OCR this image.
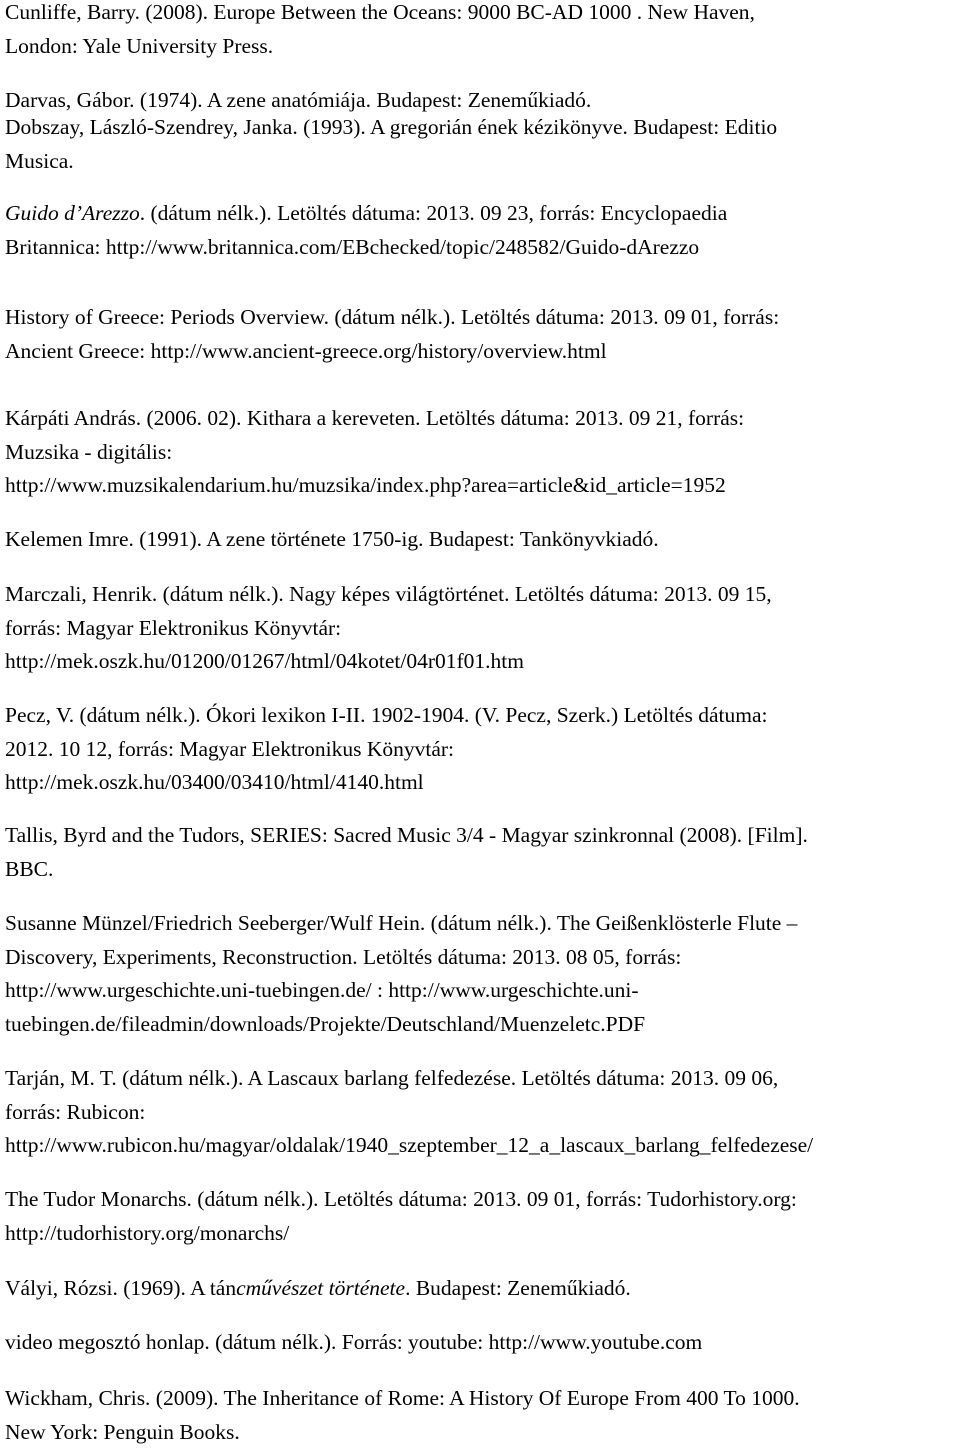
Cunliffe, Barry. (2008). Europe Between the Oceans: 9000 BC-AD 1000 . New Haven,
London: Yale University Press.
Darvas, Gábor. (1974). A zene anatómiája. Budapest: Zeneműkiadó.
Dobszay, László-Szendrey, Janka. (1993). A gregorián ének kézikönyve. Budapest: Editio
Musica.
Guido d’Arezzo. (dátum nélk.). Letöltés dátuma: 2013. 09 23, forrás: Encyclopaedia
Britannica: http://www.britannica.com/EBchecked/topic/248582/Guido-dArezzo
History of Greece: Periods Overview. (dátum nélk.). Letöltés dátuma: 2013. 09 01, forrás:
Ancient Greece: http://www.ancient-greece.org/history/overview.html
Kárpáti András. (2006. 02). Kithara a kereveten. Letöltés dátuma: 2013. 09 21, forrás:
Muzsika - digitális:
http://www.muzsikalendarium.hu/muzsika/index.php?area=article&id_article=1952
Kelemen Imre. (1991). A zene története 1750-ig. Budapest: Tankönyvkiadó.
Marczali, Henrik. (dátum nélk.). Nagy képes világtörténet. Letöltés dátuma: 2013. 09 15,
forrás: Magyar Elektronikus Könyvtár:
http://mek.oszk.hu/01200/01267/html/04kotet/04r01f01.htm
Pecz, V. (dátum nélk.). Ókori lexikon I-II. 1902-1904. (V. Pecz, Szerk.) Letöltés dátuma:
2012. 10 12, forrás: Magyar Elektronikus Könyvtár:
http://mek.oszk.hu/03400/03410/html/4140.html
Tallis, Byrd and the Tudors, SERIES: Sacred Music 3/4 - Magyar szinkronnal (2008). [Film].
BBC.
Susanne Münzel/Friedrich Seeberger/Wulf Hein. (dátum nélk.). The Geißenklösterle Flute –
Discovery, Experiments, Reconstruction. Letöltés dátuma: 2013. 08 05, forrás:
http://www.urgeschichte.uni-tuebingen.de/ : http://www.urgeschichte.uni-
tuebingen.de/fileadmin/downloads/Projekte/Deutschland/Muenzeletc.PDF
Tarján, M. T. (dátum nélk.). A Lascaux barlang felfedezése. Letöltés dátuma: 2013. 09 06,
forrás: Rubicon:
http://www.rubicon.hu/magyar/oldalak/1940_szeptember_12_a_lascaux_barlang_felfedezese/
The Tudor Monarchs. (dátum nélk.). Letöltés dátuma: 2013. 09 01, forrás: Tudorhistory.org:
http://tudorhistory.org/monarchs/
Vályi, Rózsi. (1969). A táncművészet története. Budapest: Zeneműkiadó.
video megosztó honlap. (dátum nélk.). Forrás: youtube: http://www.youtube.com
Wickham, Chris. (2009). The Inheritance of Rome: A History Of Europe From 400 To 1000.
New York: Penguin Books.
